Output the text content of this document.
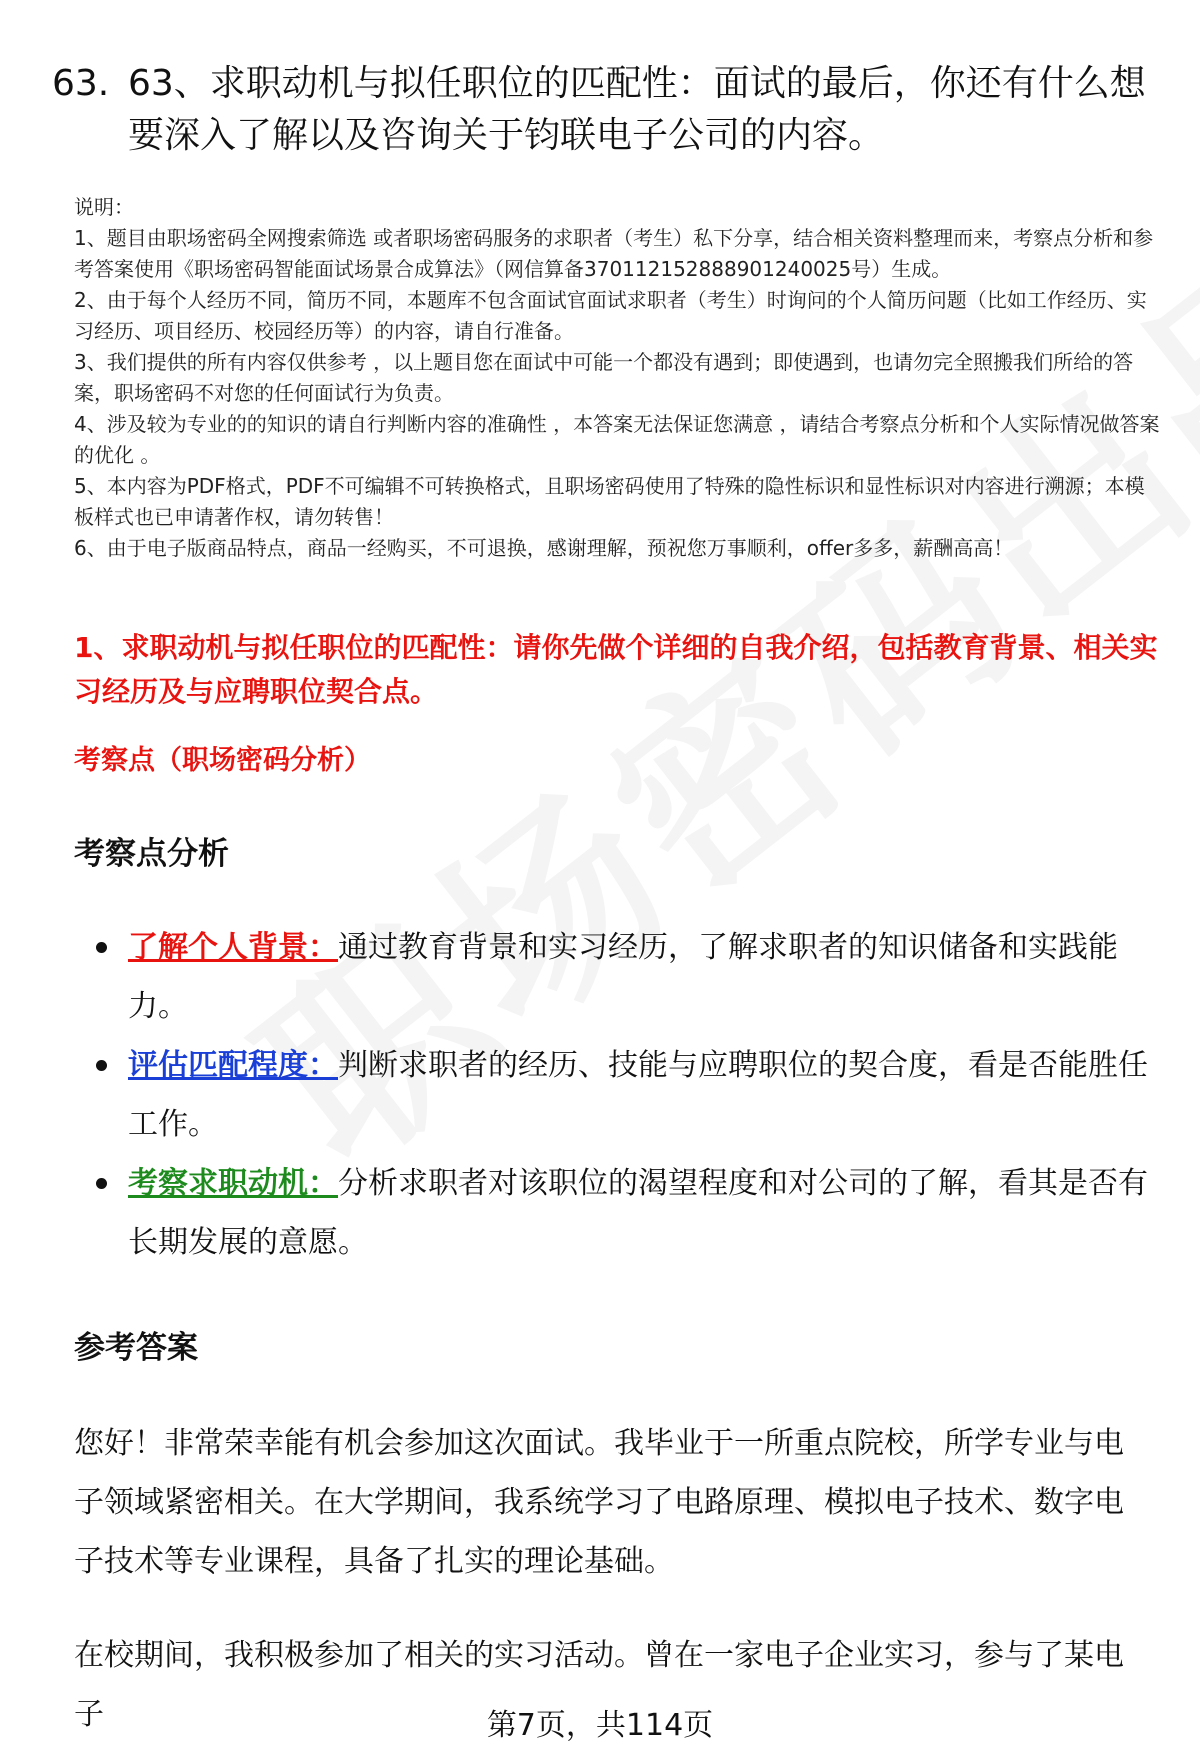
63. 63、求职动机与拟任职位的匹配性：面试的最后，你还有什么想要深入了解以及咨询关于钧联电子公司的内容。

说明：

1、题目由职场密码全网搜索筛选 或者职场密码服务的求职者（考生）私下分享，结合相关资料整理而来，考察点分析和参考答案使用《职场密码智能面试场景合成算法》（网信算备370112152888901240025号）生成。

2、由于每个人经历不同，简历不同，本题库不包含面试官面试求职者（考生）时询问的个人简历问题（比如工作经历、实习经历、项目经历、校园经历等）的内容，请自行准备。

3、我们提供的所有内容仅供参考 ，以上题目您在面试中可能一个都没有遇到；即使遇到，也请勿完全照搬我们所给的答案，职场密码不对您的任何面试行为负责。

4、涉及较为专业的的知识的请自行判断内容的准确性 ，本答案无法保证您满意 ，请结合考察点分析和个人实际情况做答案的优化 。

5、本内容为PDF格式，PDF不可编辑不可转换格式，且职场密码使用了特殊的隐性标识和显性标识对内容进行溯源；本模板样式也已申请著作权，请勿转售！

6、由于电子版商品特点，商品一经购买，不可退换，感谢理解，预祝您万事顺利，offer多多，薪酬高高！

1、求职动机与拟任职位的匹配性：请你先做个详细的自我介绍，包括教育背景、相关实习经历及与应聘职位契合点。
考察点（职场密码分析）
考察点分析
了解个人背景：通过教育背景和实习经历，了解求职者的知识储备和实践能力。
评估匹配程度：判断求职者的经历、技能与应聘职位的契合度，看是否能胜任工作。
考察求职动机：分析求职者对该职位的渴望程度和对公司的了解，看其是否有长期发展的意愿。
参考答案

您好！非常荣幸能有机会参加这次面试。我毕业于一所重点院校，所学专业与电子领域紧密相关。在大学期间，我系统学习了电路原理、模拟电子技术、数字电子技术等专业课程，具备了扎实的理论基础。

在校期间，我积极参加了相关的实习活动。曾在一家电子企业实习，参与了某电子	第7页，共114页
